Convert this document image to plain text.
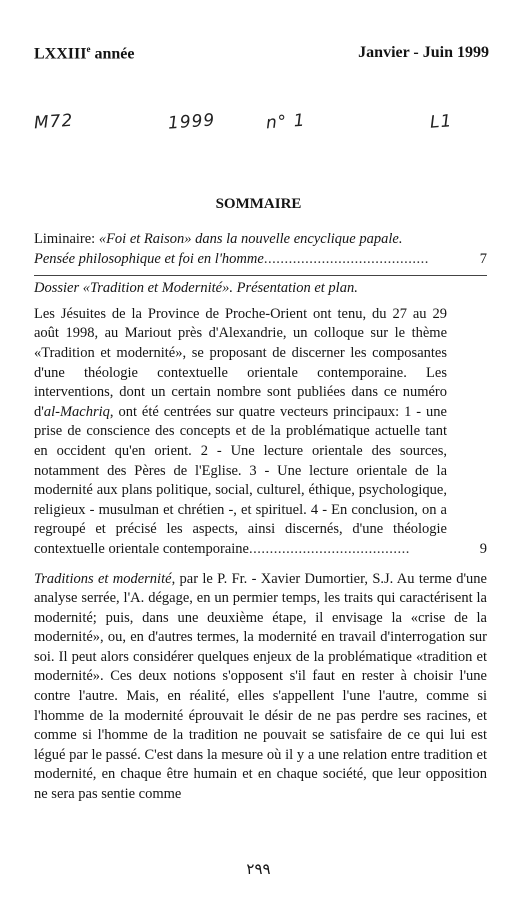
LXXIIIe année	Janvier - Juin 1999
M72	1999	n° 1	L1
SOMMAIRE
Liminaire: «Foi et Raison» dans la nouvelle encyclique papale.
Pensée philosophique et foi en l'homme........................................	7
Dossier «Tradition et Modernité». Présentation et plan.
Les Jésuites de la Province de Proche-Orient ont tenu, du 27 au 29 août 1998, au Mariout près d'Alexandrie, un colloque sur le thème «Tradition et modernité», se proposant de discerner les composantes d'une théologie contextuelle orientale contemporaine. Les interventions, dont un certain nombre sont publiées dans ce numéro d'al-Machriq, ont été centrées sur quatre vecteurs principaux: 1 - une prise de conscience des concepts et de la problématique actuelle tant en occident qu'en orient. 2 - Une lecture orientale des sources, notamment des Pères de l'Eglise. 3 - Une lecture orientale de la modernité aux plans politique, social, culturel, éthique, psychologique, religieux - musulman et chrétien -, et spirituel. 4 - En conclusion, on a regroupé et précisé les aspects, ainsi discernés, d'une théologie contextuelle orientale contemporaine.......................................	9
Traditions et modernité, par le P. Fr. - Xavier Dumortier, S.J. Au terme d'une analyse serrée, l'A. dégage, en un permier temps, les traits qui caractérisent la modernité; puis, dans une deuxième étape, il envisage la «crise de la modernité», ou, en d'autres termes, la modernité en travail d'interrogation sur soi. Il peut alors considérer quelques enjeux de la problématique «tradition et modernité». Ces deux notions s'opposent s'il faut en rester à choisir l'une contre l'autre. Mais, en réalité, elles s'appellent l'une l'autre, comme si l'homme de la modernité éprouvait le désir de ne pas perdre ses racines, et comme si l'homme de la tradition ne pouvait se satisfaire de ce qui lui est légué par le passé. C'est dans la mesure où il y a une relation entre tradition et modernité, en chaque être humain et en chaque société, que leur opposition ne sera pas sentie comme
٢٩٩
